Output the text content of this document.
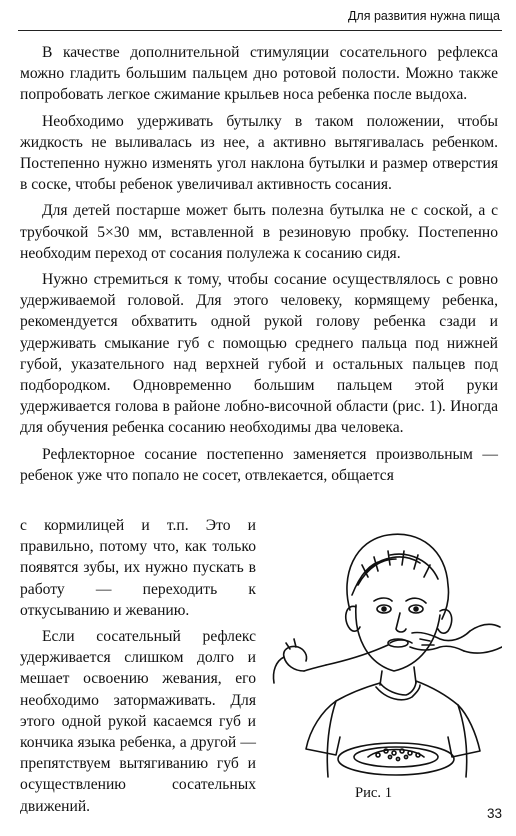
Для развития нужна пища

В качестве дополнительной стимуляции сосательного рефлекса можно гладить большим пальцем дно ротовой полости. Можно также попробовать легкое сжимание крыльев носа ребенка после выдоха.

Необходимо удерживать бутылку в таком положении, чтобы жидкость не выливалась из нее, а активно вытягивалась ребенком. Постепенно нужно изменять угол наклона бутылки и размер отверстия в соске, чтобы ребенок увеличивал активность сосания.

Для детей постарше может быть полезна бутылка не с соской, а с трубочкой 5×30 мм, вставленной в резиновую пробку. Постепенно необходим переход от сосания полулежа к сосанию сидя.

Нужно стремиться к тому, чтобы сосание осуществлялось с ровно удерживаемой головой. Для этого человеку, кормящему ребенка, рекомендуется обхватить одной рукой голову ребенка сзади и удерживать смыкание губ с помощью среднего пальца под нижней губой, указательного над верхней губой и остальных пальцев под подбородком. Одновременно большим пальцем этой руки удерживается голова в районе лобно-височной области (рис. 1). Иногда для обучения ребенка сосанию необходимы два человека.

Рефлекторное сосание постепенно заменяется произвольным — ребенок уже что попало не сосет, отвлекается, общается

с кормилицей и т.п. Это и правильно, потому что, как только появятся зубы, их нужно пускать в работу — переходить к откусыванию и жеванию.

Если сосательный рефлекс удерживается слишком долго и мешает освоению жевания, его необходимо затормаживать. Для этого одной рукой касаемся губ и кончика языка ребенка, а другой — препятствуем вытягиванию губ и осуществлению сосательных движений.

Рис. 1
33
